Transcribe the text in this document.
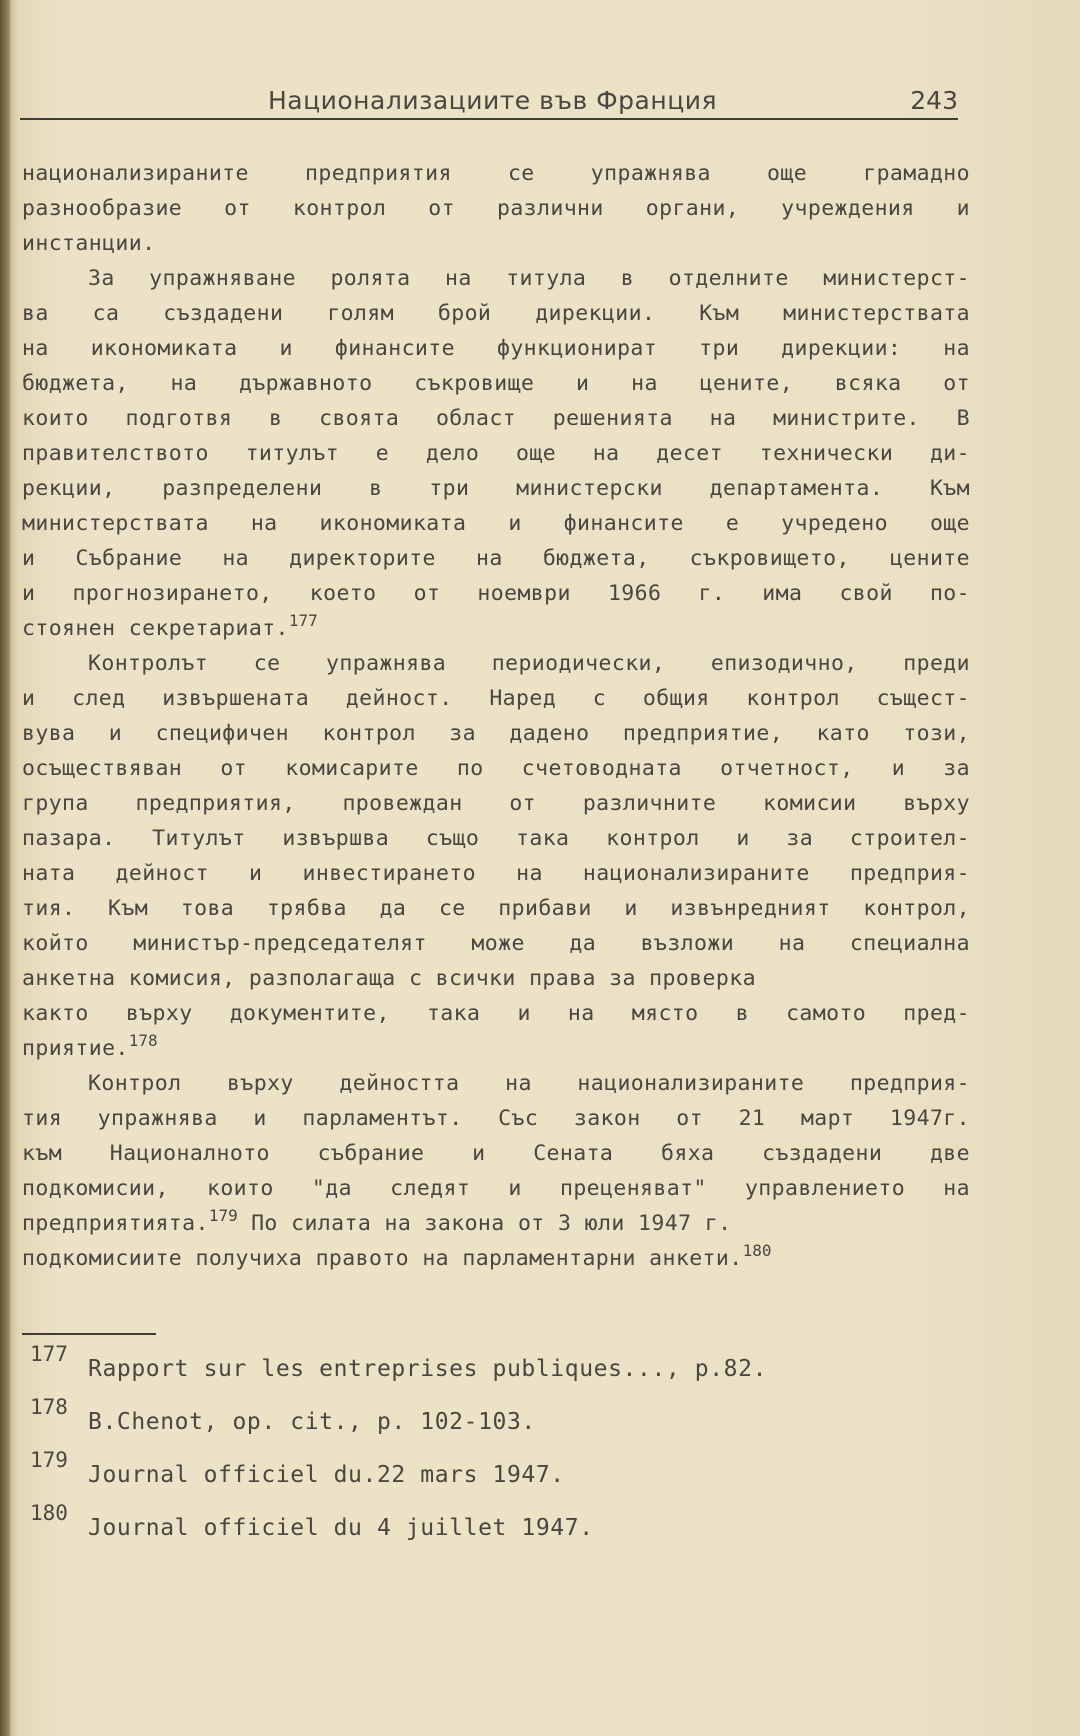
Национализациите във Франция	243
национализираните предприятия се упражнява още грамадно
разнообразие от контрол от различни органи, учреждения и
инстанции.
За упражняване ролята на титула в отделните министерст-
ва са създадени голям брой дирекции. Към министерствата
на икономиката и финансите функционират три дирекции: на
бюджета, на държавното съкровище и на цените, всяка от
които подготвя в своята област решенията на министрите. В
правителството титулът е дело още на десет технически ди-
рекции, разпределени в три министерски департамента. Към
министерствата на икономиката и финансите е учредено още
и Събрание на директорите на бюджета, съкровището, цените
и прогнозирането, което от ноември 1966 г. има свой по-
стоянен секретариат.$^{177}$
Контролът се упражнява периодически, епизодично, преди
и след извършената дейност. Наред с общия контрол същест-
вува и специфичен контрол за дадено предприятие, като този,
осъществяван от комисарите по счетоводната отчетност, и за
група предприятия, провеждан от различните комисии върху
пазара. Титулът извършва също така контрол и за строител-
ната дейност и инвестирането на национализираните предприя-
тия. Към това трябва да се прибави и извънредният контрол,
който министър-председателят може да възложи на специална
анкетна комисия, разполагаща с всички права за проверка
както върху документите, така и на място в самото пред-
приятие.$^{178}$
Контрол върху дейността на национализираните предприя-
тия упражнява и парламентът. Със закон от 21 март 1947г.
към Националното събрание и Сената бяха създадени две
подкомисии, които "да следят и преценяват" управлението на
предприятията.$^{179}$ По силата на закона от 3 юли 1947 г.
подкомисиите получиха правото на парламентарни анкети.$^{180}$
177
Rapport sur les entreprises publiques..., p.82.
178
B.Chenot, op. cit., p. 102-103.
179
Journal officiel du.22 mars 1947.
180
Journal officiel du 4 juillet 1947.
